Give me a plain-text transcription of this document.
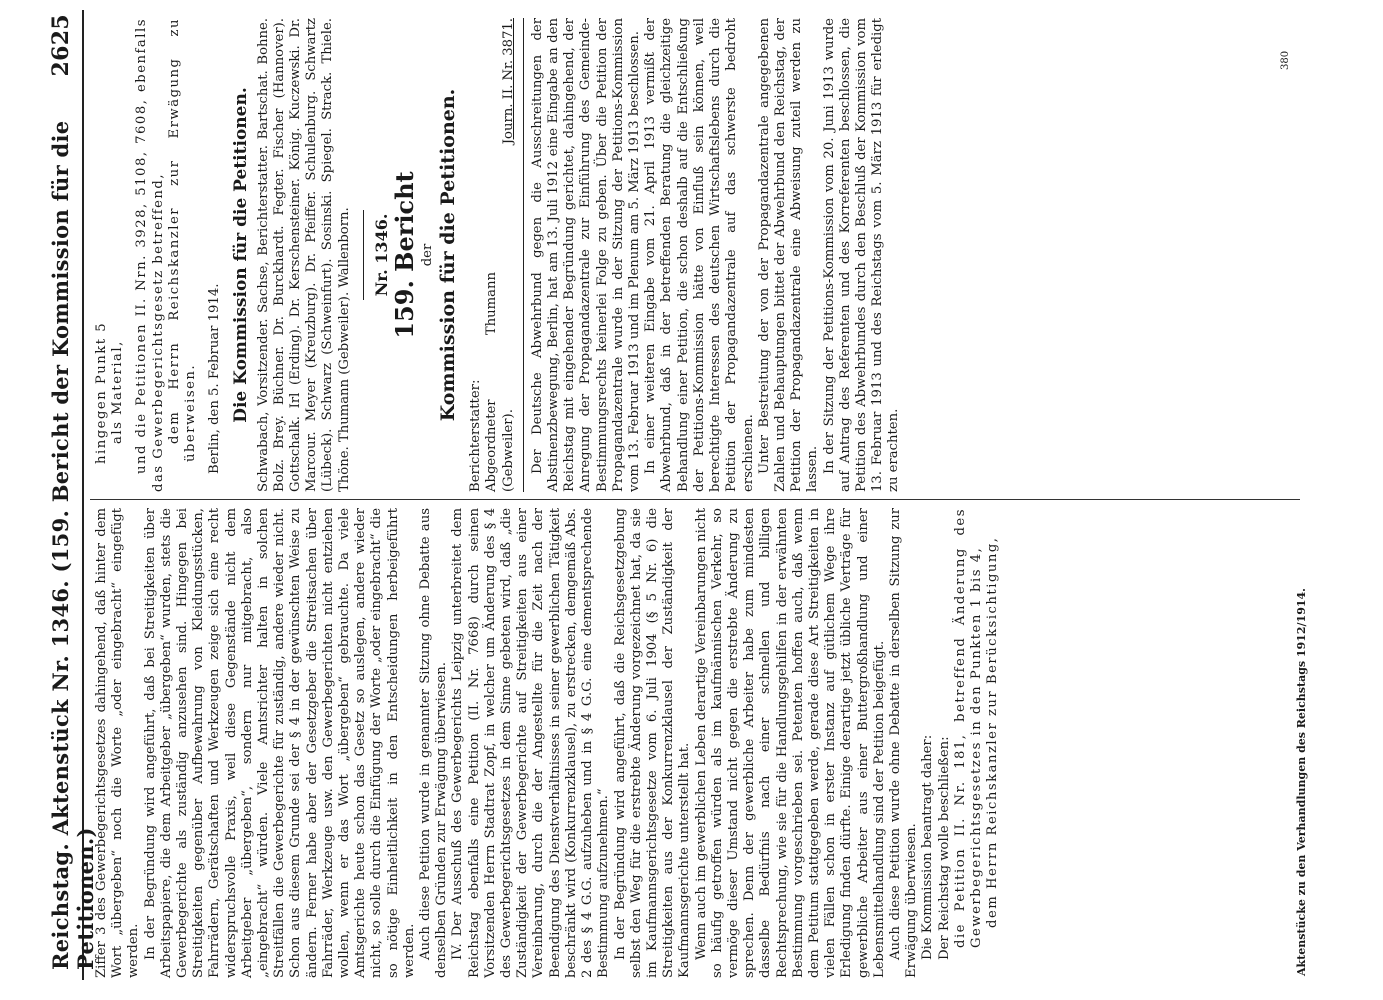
Reichstag. Aktenstück Nr. 1346. (159. Bericht der Kommission für die Petitionen.)
2625

Ziffer 3 des Gewerbegerichtsgesetzes dahingehend, daß hinter dem Wort „übergeben“ noch die Worte „oder eingebracht“ eingefügt werden. In der Begründung wird angeführt, daß bei Streitigkeiten über Arbeitspapiere, die dem Arbeitgeber „übergeben“ wurden, stets die Gewerbegerichte als zuständig anzusehen sind. Hingegen bei Streitigkeiten gegenüber Aufbewahrung von Kleidungsstücken, Fahrrädern, Gerätschaften und Werkzeugen zeige sich eine recht widerspruchsvolle Praxis, weil diese Gegenstände nicht dem Arbeitgeber „übergeben“, sondern nur mitgebracht, also „eingebracht“ würden. Viele Amtsrichter halten in solchen Streitfällen die Gewerbegerichte für zuständig, andere wieder nicht. Schon aus diesem Grunde sei der § 4 in der gewünschten Weise zu ändern. Ferner habe aber der Gesetzgeber die Streitsachen über Fahrräder, Werkzeuge usw. den Gewerbegerichten nicht entziehen wollen, wenn er das Wort „übergeben“ gebrauchte. Da viele Amtsgerichte heute schon das Gesetz so auslegen, andere wieder nicht, so solle durch die Einfügung der Worte „oder eingebracht“ die so nötige Einheitlichkeit in den Entscheidungen herbeigeführt werden. Auch diese Petition wurde in genannter Sitzung ohne Debatte aus denselben Gründen zur Erwägung überwiesen. IV. Der Ausschuß des Gewerbegerichts Leipzig unterbreitet dem Reichstag ebenfalls eine Petition (II. Nr. 7668) durch seinen Vorsitzenden Herrn Stadtrat Zopf, in welcher um Änderung des § 4 des Gewerbegerichtsgesetzes in dem Sinne gebeten wird, daß „die Zuständigkeit der Gewerbegerichte auf Streitigkeiten aus einer Vereinbarung, durch die der Angestellte für die Zeit nach der Beendigung des Dienstverhältnisses in seiner gewerblichen Tätigkeit beschränkt wird (Konkurrenzklausel), zu erstrecken, demgemäß Abs. 2 des § 4 G.G. aufzuheben und in § 4 G.G. eine dementsprechende Bestimmung aufzunehmen.“ In der Begründung wird angeführt, daß die Reichsgesetzgebung selbst den Weg für die erstrebte Änderung vorgezeichnet hat, da sie im Kaufmannsgerichtsgesetze vom 6. Juli 1904 (§ 5 Nr. 6) die Streitigkeiten aus der Konkurrenzklausel der Zuständigkeit der Kaufmannsgerichte unterstellt hat. Wenn auch im gewerblichen Leben derartige Vereinbarungen nicht so häufig getroffen würden als im kaufmännischen Verkehr, so vermöge dieser Umstand nicht gegen die erstrebte Änderung zu sprechen. Denn der gewerbliche Arbeiter habe zum mindesten dasselbe Bedürfnis nach einer schnellen und billigen Rechtsprechung, wie sie für die Handlungsgehilfen in der erwähnten Bestimmung vorgeschrieben sei. Petenten hoffen auch, daß wenn dem Petitum stattgegeben werde, gerade diese Art Streitigkeiten in vielen Fällen schon in erster Instanz auf gütlichem Wege ihre Erledigung finden dürfte. Einige derartige jetzt übliche Verträge für gewerbliche Arbeiter aus einer Buttergroßhandlung und einer Lebensmittelhandlung sind der Petition beigefügt. Auch diese Petition wurde ohne Debatte in derselben Sitzung zur Erwägung überwiesen. Die Kommission beantragt daher: Der Reichstag wolle beschließen: die Petition II. Nr. 181, betreffend Änderung des Gewerbegerichtsgesetzes in den Punkten 1 bis 4, dem Herrn Reichskanzler zur Berücksichtigung,

hingegen Punkt 5 als Material, und die Petitionen II. Nrn. 3928, 5108, 7608, ebenfalls das Gewerbegerichtsgesetz betreffend, dem Herrn Reichskanzler zur Erwägung zu überweisen. Berlin, den 5. Februar 1914. Die Kommission für die Petitionen. Schwabach, Vorsitzender. Sachse, Berichterstatter. Bartschat. Bohne. Bolz. Brey. Büchner. Dr. Burckhardt. Fegter. Fischer (Hannover). Gottschalk. Irl (Erding). Dr. Kerschensteiner. König. Kuczewski. Dr. Marcour. Meyer (Kreuzburg). Dr. Pfeiffer. Schulenburg. Schwartz (Lübeck). Schwarz (Schweinfurt). Sosinski. Spiegel. Strack. Thiele. Thöne. Thumann (Gebweiler). Wallenborn. Nr. 1346. 159. Bericht der Kommission für die Petitionen.

Berichterstatter: Abgeordneter Thumann (Gebweiler).
Journ. II. Nr. 3871. Der Deutsche Abwehrbund gegen die Ausschreitungen der Abstinenzbewegung, Berlin, hat am 13. Juli 1912 eine Eingabe an den Reichstag mit eingehender Begründung gerichtet, dahingehend, der Anregung der Propagandazentrale zur Einführung des Gemeinde-Bestimmungsrechts keinerlei Folge zu geben. Über die Petition der Propagandazentrale wurde in der Sitzung der Petitions-Kommission vom 13. Februar 1913 und im Plenum am 5. März 1913 beschlossen. In einer weiteren Eingabe vom 21. April 1913 vermißt der Abwehrbund, daß in der betreffenden Beratung die gleichzeitige Behandlung einer Petition, die schon deshalb auf die Entschließung der Petitions-Kommission hätte von Einfluß sein können, weil berechtigte Interessen des deutschen Wirtschaftslebens durch die Petition der Propagandazentrale auf das schwerste bedroht erschienen. Unter Bestreitung der von der Propagandazentrale angegebenen Zahlen und Behauptungen bittet der Abwehrbund den Reichstag, der Petition der Propagandazentrale eine Abweisung zuteil werden zu lassen. In der Sitzung der Petitions-Kommission vom 20. Juni 1913 wurde auf Antrag des Referenten und des Korreferenten beschlossen, die Petition des Abwehrbundes durch den Beschluß der Kommission vom 13. Februar 1913 und des Reichstags vom 5. März 1913 für erledigt zu erachten.

380
Aktenstücke zu den Verhandlungen des Reichstags 1912/1914.
